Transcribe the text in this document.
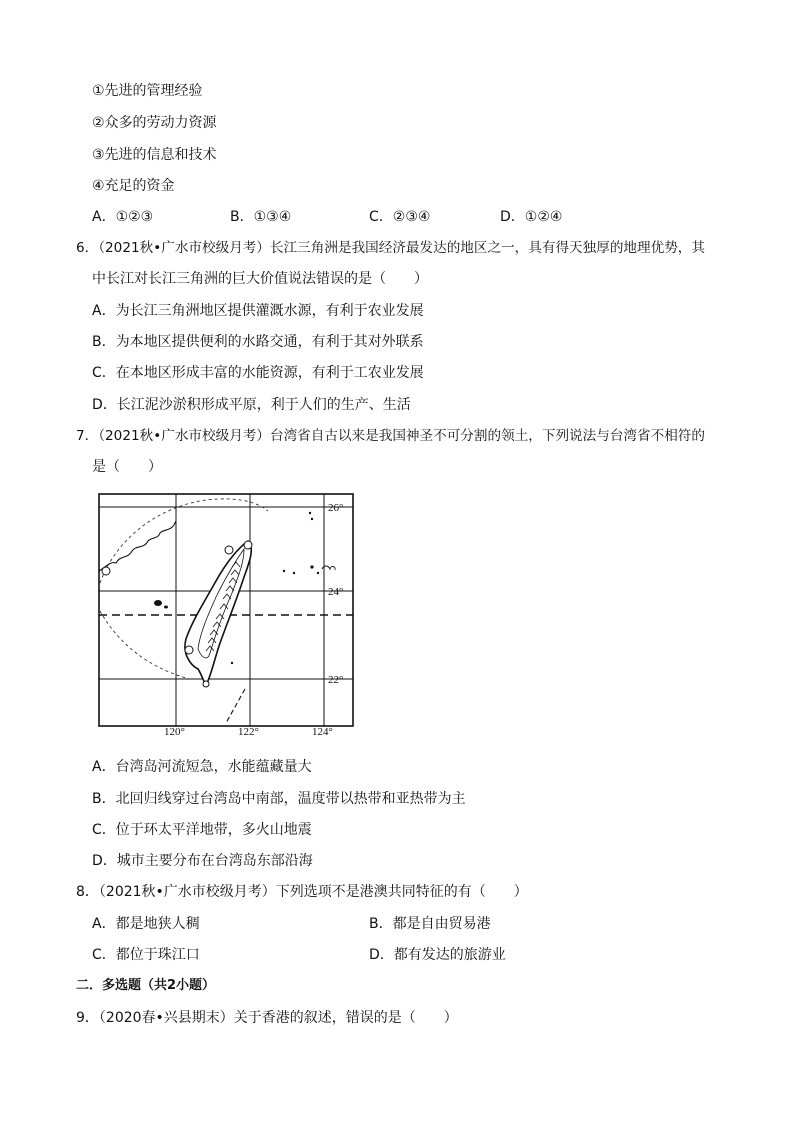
①先进的管理经验
②众多的劳动力资源
③先进的信息和技术
④充足的资金
A．①②③	B．①③④	C．②③④	D．①②④
6．（2021秋•广水市校级月考）长江三角洲是我国经济最发达的地区之一，具有得天独厚的地理优势，其
中长江对长江三角洲的巨大价值说法错误的是（　　）
A．为长江三角洲地区提供灌溉水源，有利于农业发展
B．为本地区提供便利的水路交通，有利于其对外联系
C．在本地区形成丰富的水能资源，有利于工农业发展
D．长江泥沙淤积形成平原，利于人们的生产、生活
7．（2021秋•广水市校级月考）台湾省自古以来是我国神圣不可分割的领土，下列说法与台湾省不相符的
是（　　）
26°
24°
22°
120°	122°	124°
A．台湾岛河流短急，水能蕴藏量大
B．北回归线穿过台湾岛中南部，温度带以热带和亚热带为主
C．位于环太平洋地带，多火山地震
D．城市主要分布在台湾岛东部沿海
8．（2021秋•广水市校级月考）下列选项不是港澳共同特征的有（　　）
A．都是地狭人稠	B．都是自由贸易港
C．都位于珠江口	D．都有发达的旅游业
二．多选题（共2小题）
9．（2020春•兴县期末）关于香港的叙述，错误的是（　　）
